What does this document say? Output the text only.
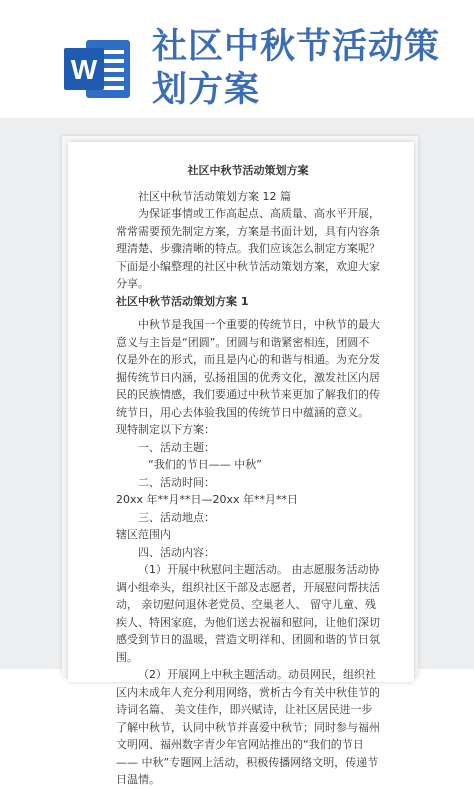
W
社区中秋节活动策划方案
社区中秋节活动策划方案

社区中秋节活动策划方案 12 篇

为保证事情或工作高起点、高质量、高水平开展，常常需要预先制定方案，方案是书面计划，具有内容条理清楚、步骤清晰的特点。我们应该怎么制定方案呢？下面是小编整理的社区中秋节活动策划方案，欢迎大家分享。

社区中秋节活动策划方案 1

中秋节是我国一个重要的传统节日，中秋节的最大意义与主旨是“团圆”。团圆与和谐紧密相连，团圆不仅是外在的形式，而且是内心的和谐与相通。为充分发掘传统节日内涵，弘扬祖国的优秀文化，激发社区内居民的民族情感，我们要通过中秋节来更加了解我们的传统节日，用心去体验我国的传统节日中蕴涵的意义。 现特制定以下方案：

一、活动主题：

“我们的节日—— 中秋”

二、活动时间：

20xx 年**月**日—20xx 年**月**日

三、活动地点：

辖区范围内

四、活动内容：

（1）开展中秋慰问主题活动。 由志愿服务活动协调小组牵头，组织社区干部及志愿者，开展慰问帮扶活动， 亲切慰问退休老党员、空巢老人、 留守儿童、残疾人、特困家庭，为他们送去祝福和慰问，让他们深切感受到节日的温暖，营造文明祥和、团圆和谐的节日氛围。

（2）开展网上中秋主题活动。动员网民，组织社区内未成年人充分利用网络，赏析古今有关中秋佳节的诗词名篇、 美文佳作，即兴赋诗，让社区居民进一步了解中秋节，认同中秋节并喜爱中秋节；同时参与福州文明网、福州数字青少年官网站推出的“我们的节日—— 中秋”专题网上活动，积极传播网络文明，传递节日温情。
